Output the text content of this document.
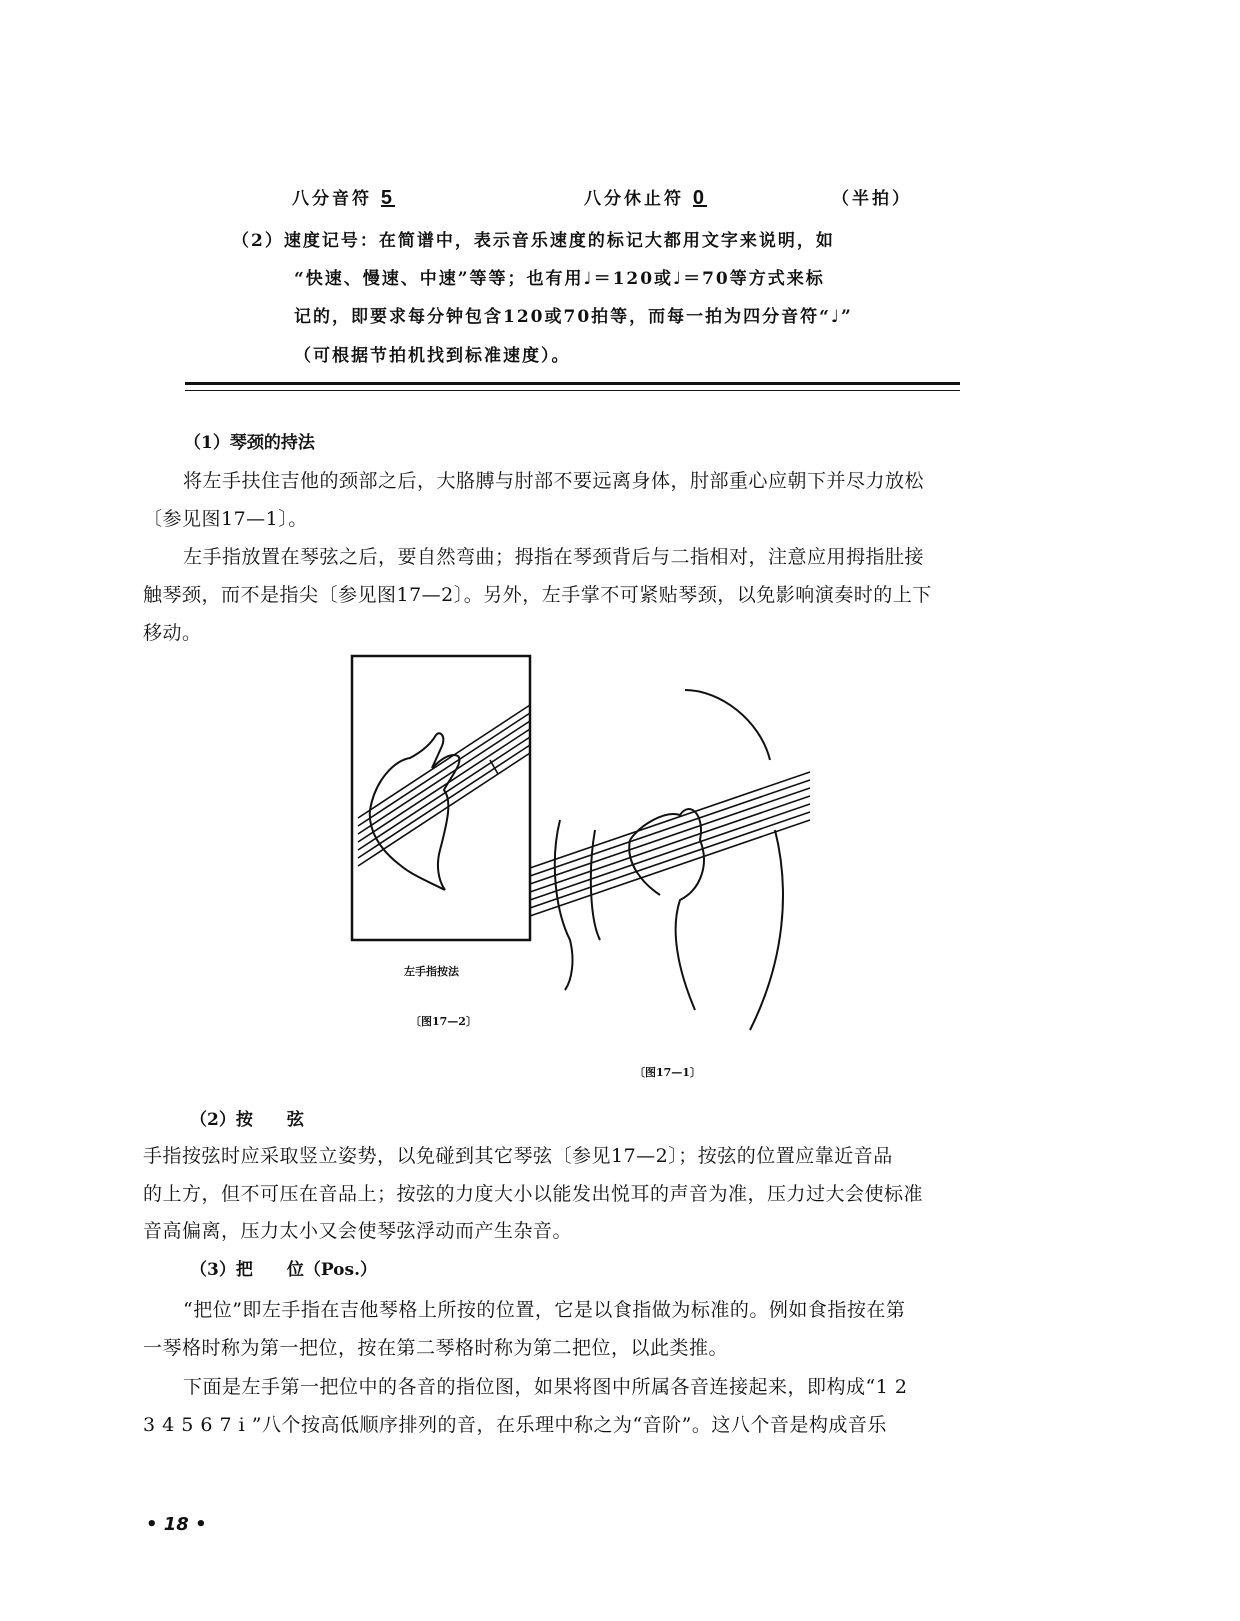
八分音符 5	八分休止符 0	（半拍）
（2）速度记号：在简谱中，表示音乐速度的标记大都用文字来说明，如
“快速、慢速、中速”等等；也有用♩＝120或♩＝70等方式来标
记的，即要求每分钟包含120或70拍等，而每一拍为四分音符“♩”
（可根据节拍机找到标准速度）。
（1）琴颈的持法
将左手扶住吉他的颈部之后，大胳膊与肘部不要远离身体，肘部重心应朝下并尽力放松
〔参见图17—1〕。
左手指放置在琴弦之后，要自然弯曲；拇指在琴颈背后与二指相对，注意应用拇指肚接
触琴颈，而不是指尖〔参见图17—2〕。另外，左手掌不可紧贴琴颈，以免影响演奏时的上下
移动。
左手指按法
〔图17—2〕
〔图17—1〕
（2）按　　弦
手指按弦时应采取竖立姿势，以免碰到其它琴弦〔参见17—2〕；按弦的位置应靠近音品
的上方，但不可压在音品上；按弦的力度大小以能发出悦耳的声音为准，压力过大会使标准
音高偏离，压力太小又会使琴弦浮动而产生杂音。
（3）把　　位（Pos.）
“把位”即左手指在吉他琴格上所按的位置，它是以食指做为标准的。例如食指按在第
一琴格时称为第一把位，按在第二琴格时称为第二把位，以此类推。
下面是左手第一把位中的各音的指位图，如果将图中所属各音连接起来，即构成“1 2
3 4 5 6 7 i ”八个按高低顺序排列的音，在乐理中称之为“音阶”。这八个音是构成音乐
• 18 •
